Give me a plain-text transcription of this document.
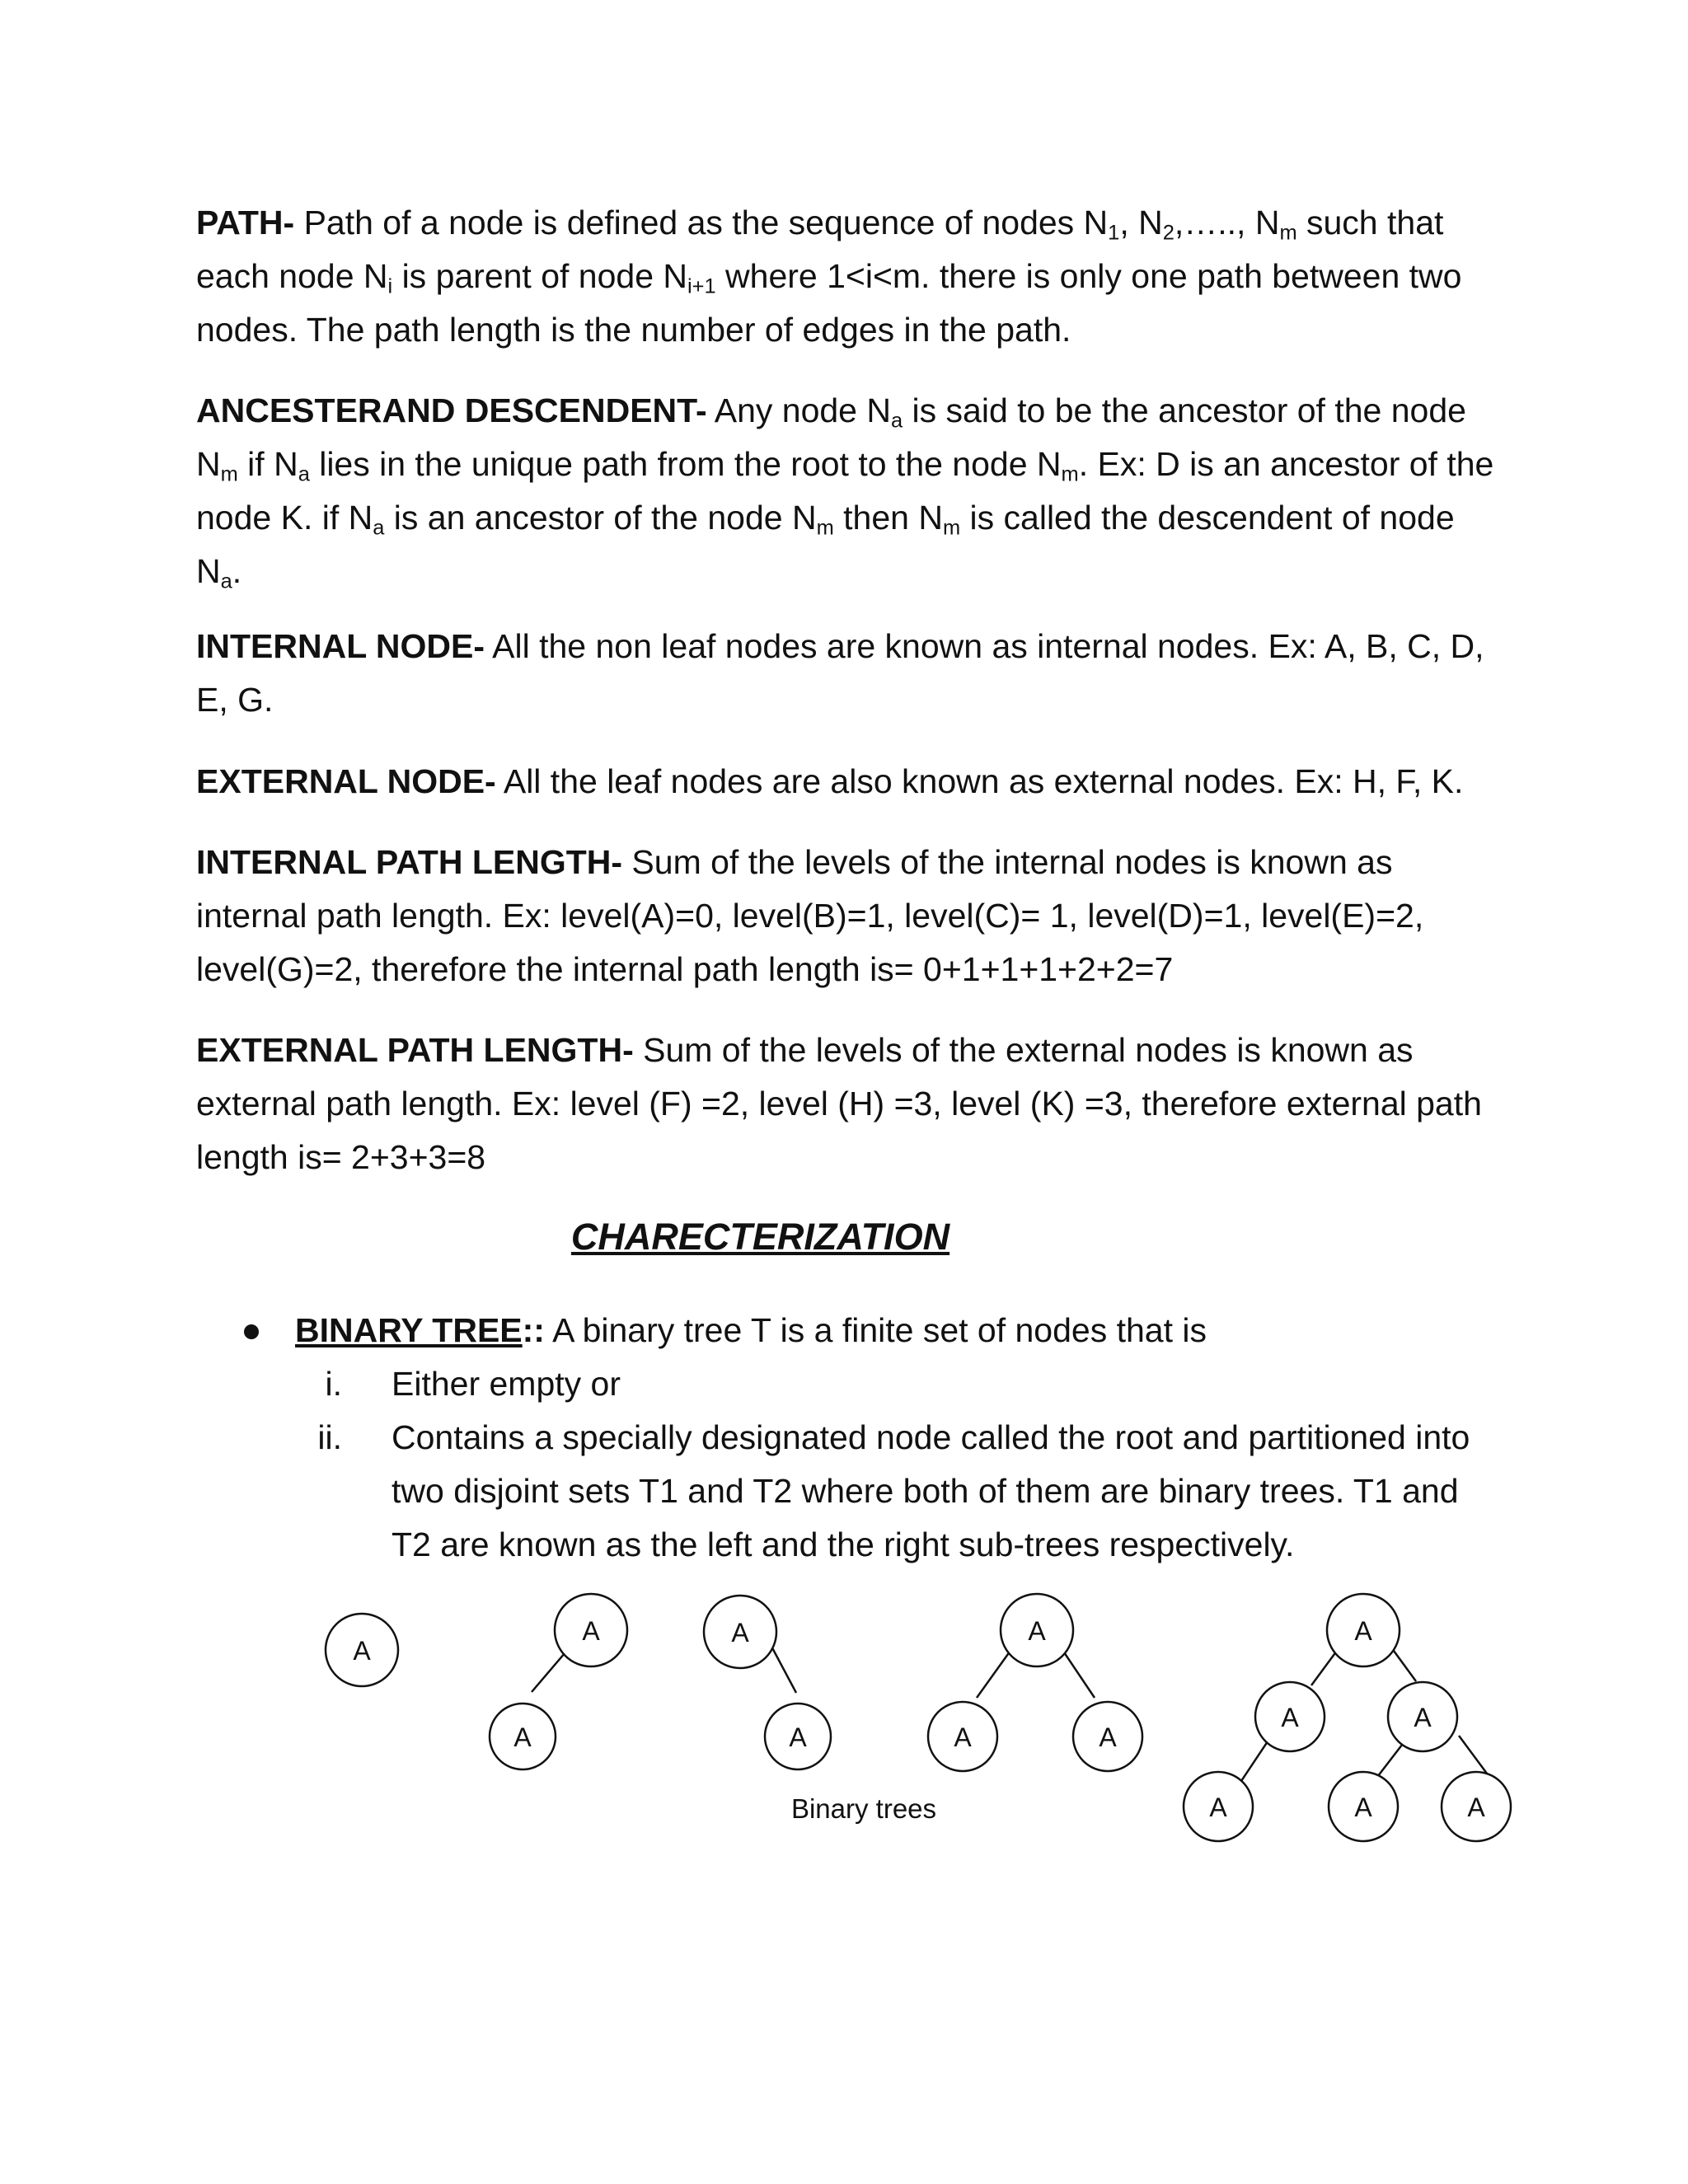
PATH- Path of a node is defined as the sequence of nodes $N_1$, $N_2,\dots$.., $N_m$ such that each node $N_i$ is parent of node $N_{i+1}$ where 1<i<m. there is only one path between two nodes. The path length is the number of edges in the path.

ANCESTERAND DESCENDENT- Any node $N_a$ is said to be the ancestor of the node $N_m$ if $N_a$ lies in the unique path from the root to the node $N_m$. Ex: D is an ancestor of the node K. if $N_a$ is an ancestor of the node $N_m$ then $N_m$ is called the descendent of node $N_a$.

INTERNAL NODE- All the non leaf nodes are known as internal nodes. Ex: A, B, C, D, E, G.

EXTERNAL NODE- All the leaf nodes are also known as external nodes. Ex: H, F, K.

INTERNAL PATH LENGTH- Sum of the levels of the internal nodes is known as internal path length. Ex: level(A)=0, level(B)=1, level(C)= 1, level(D)=1, level(E)=2, level(G)=2, therefore the internal path length is= 0+1+1+1+2+2=7

EXTERNAL PATH LENGTH- Sum of the levels of the external nodes is known as external path length. Ex: level (F) =2, level (H) =3, level (K) =3, therefore external path length is= 2+3+3=8

CHARECTERIZATION
BINARY TREE:: A binary tree T is a finite set of nodes that is
i. Either empty or
ii. Contains a specially designated node called the root and partitioned into two disjoint sets T1 and T2 where both of them are binary trees. T1 and T2 are known as the left and the right sub-trees respectively.
A
A
A
A
A
A
A	A
A
A	A
A	A	A
Binary trees
